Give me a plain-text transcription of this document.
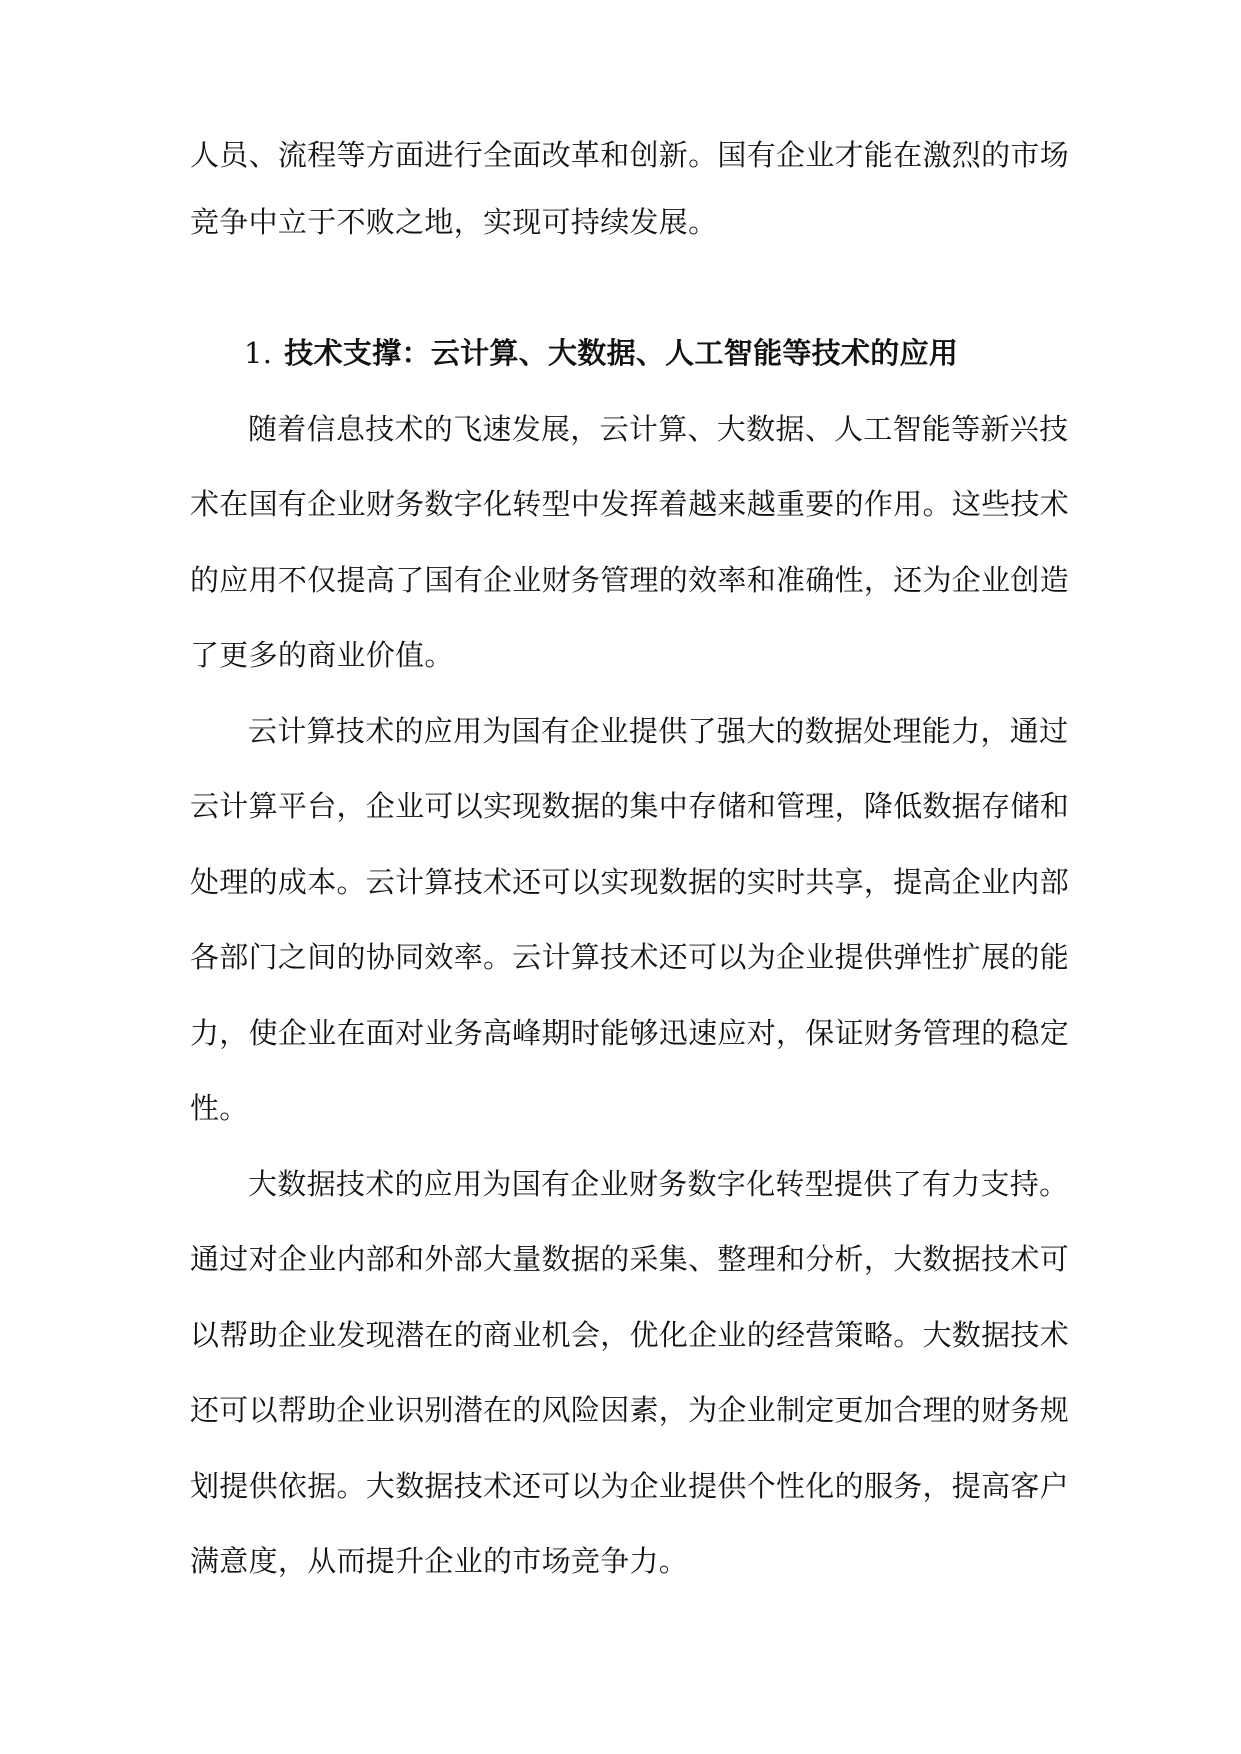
人员、流程等方面进行全面改革和创新。国有企业才能在激烈的市场
竞争中立于不败之地，实现可持续发展。
1. 技术支撑：云计算、大数据、人工智能等技术的应用
随着信息技术的飞速发展，云计算、大数据、人工智能等新兴技
术在国有企业财务数字化转型中发挥着越来越重要的作用。这些技术
的应用不仅提高了国有企业财务管理的效率和准确性，还为企业创造
了更多的商业价值。
云计算技术的应用为国有企业提供了强大的数据处理能力，通过
云计算平台，企业可以实现数据的集中存储和管理，降低数据存储和
处理的成本。云计算技术还可以实现数据的实时共享，提高企业内部
各部门之间的协同效率。云计算技术还可以为企业提供弹性扩展的能
力，使企业在面对业务高峰期时能够迅速应对，保证财务管理的稳定
性。
大数据技术的应用为国有企业财务数字化转型提供了有力支持。
通过对企业内部和外部大量数据的采集、整理和分析，大数据技术可
以帮助企业发现潜在的商业机会，优化企业的经营策略。大数据技术
还可以帮助企业识别潜在的风险因素，为企业制定更加合理的财务规
划提供依据。大数据技术还可以为企业提供个性化的服务，提高客户
满意度，从而提升企业的市场竞争力。
